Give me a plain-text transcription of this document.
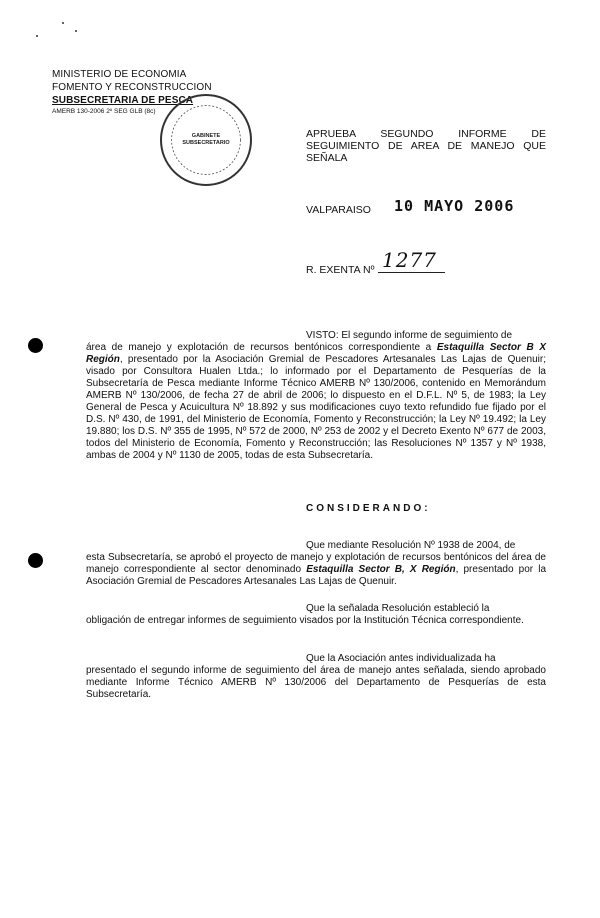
MINISTERIO DE ECONOMIA
FOMENTO Y RECONSTRUCCION
SUBSECRETARIA DE PESCA
AMERB 130-2006 2º SEG GLB (8c)
GABINETE SUBSECRETARIO
APRUEBA SEGUNDO INFORME DE SEGUIMIENTO DE AREA DE MANEJO QUE SEÑALA
VALPARAISO 10 MAYO 2006
R. EXENTA Nº 1277
VISTO: El segundo informe de seguimiento de
área de manejo y explotación de recursos bentónicos correspondiente a Estaquilla Sector B X Región, presentado por la Asociación Gremial de Pescadores Artesanales Las Lajas de Quenuir; visado por Consultora Hualen Ltda.; lo informado por el Departamento de Pesquerías de la Subsecretaría de Pesca mediante Informe Técnico AMERB Nº 130/2006, contenido en Memorándum AMERB Nº 130/2006, de fecha 27 de abril de 2006; lo dispuesto en el D.F.L. Nº 5, de 1983; la Ley General de Pesca y Acuicultura Nº 18.892 y sus modificaciones cuyo texto refundido fue fijado por el D.S. Nº 430, de 1991, del Ministerio de Economía, Fomento y Reconstrucción; la Ley Nº 19.492; la Ley 19.880; los D.S. Nº 355 de 1995, Nº 572 de 2000, Nº 253 de 2002 y el Decreto Exento Nº 677 de 2003, todos del Ministerio de Economía, Fomento y Reconstrucción; las Resoluciones Nº 1357 y Nº 1938, ambas de 2004 y Nº 1130 de 2005, todas de esta Subsecretaría.
CONSIDERANDO:
Que mediante Resolución Nº 1938 de 2004, de
esta Subsecretaría, se aprobó el proyecto de manejo y explotación de recursos bentónicos del área de manejo correspondiente al sector denominado Estaquilla Sector B, X Región, presentado por la Asociación Gremial de Pescadores Artesanales Las Lajas de Quenuir.
Que la señalada Resolución estableció la
obligación de entregar informes de seguimiento visados por la Institución Técnica correspondiente.
Que la Asociación antes individualizada ha
presentado el segundo informe de seguimiento del área de manejo antes señalada, siendo aprobado mediante Informe Técnico AMERB Nº 130/2006 del Departamento de Pesquerías de esta Subsecretaría.
